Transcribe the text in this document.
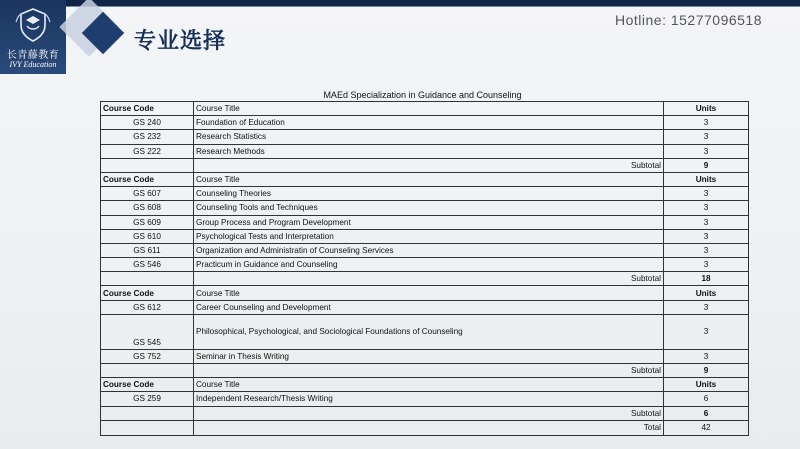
长青藤教育
IVY Education
专业选择
Hotline: 15277096518
MAEd Specialization in Guidance and Counseling
Course Code	Course Title	Units
GS 240	Foundation of Education	3
GS 232	Research Statistics	3
GS 222	Research Methods	3
	Subtotal	9
Course Code	Course Title	Units
GS 607	Counseling Theories	3
GS 608	Counseling Tools and Techniques	3
GS 609	Group Process and Program Development	3
GS 610	Psychological Tests and Interpretation	3
GS 611	Organization and Administratin of Counseling Services	3
GS 546	Practicum in Guidance and Counseling	3
	Subtotal	18
Course Code	Course Title	Units
GS 612	Career Counseling and Development	3
GS 545	Philosophical, Psychological, and Sociological Foundations of Counseling	3
GS 752	Seminar in Thesis Writing	3
	Subtotal	9
Course Code	Course Title	Units
GS 259	Independent Research/Thesis Writing	6
	Subtotal	6
	Total	42
